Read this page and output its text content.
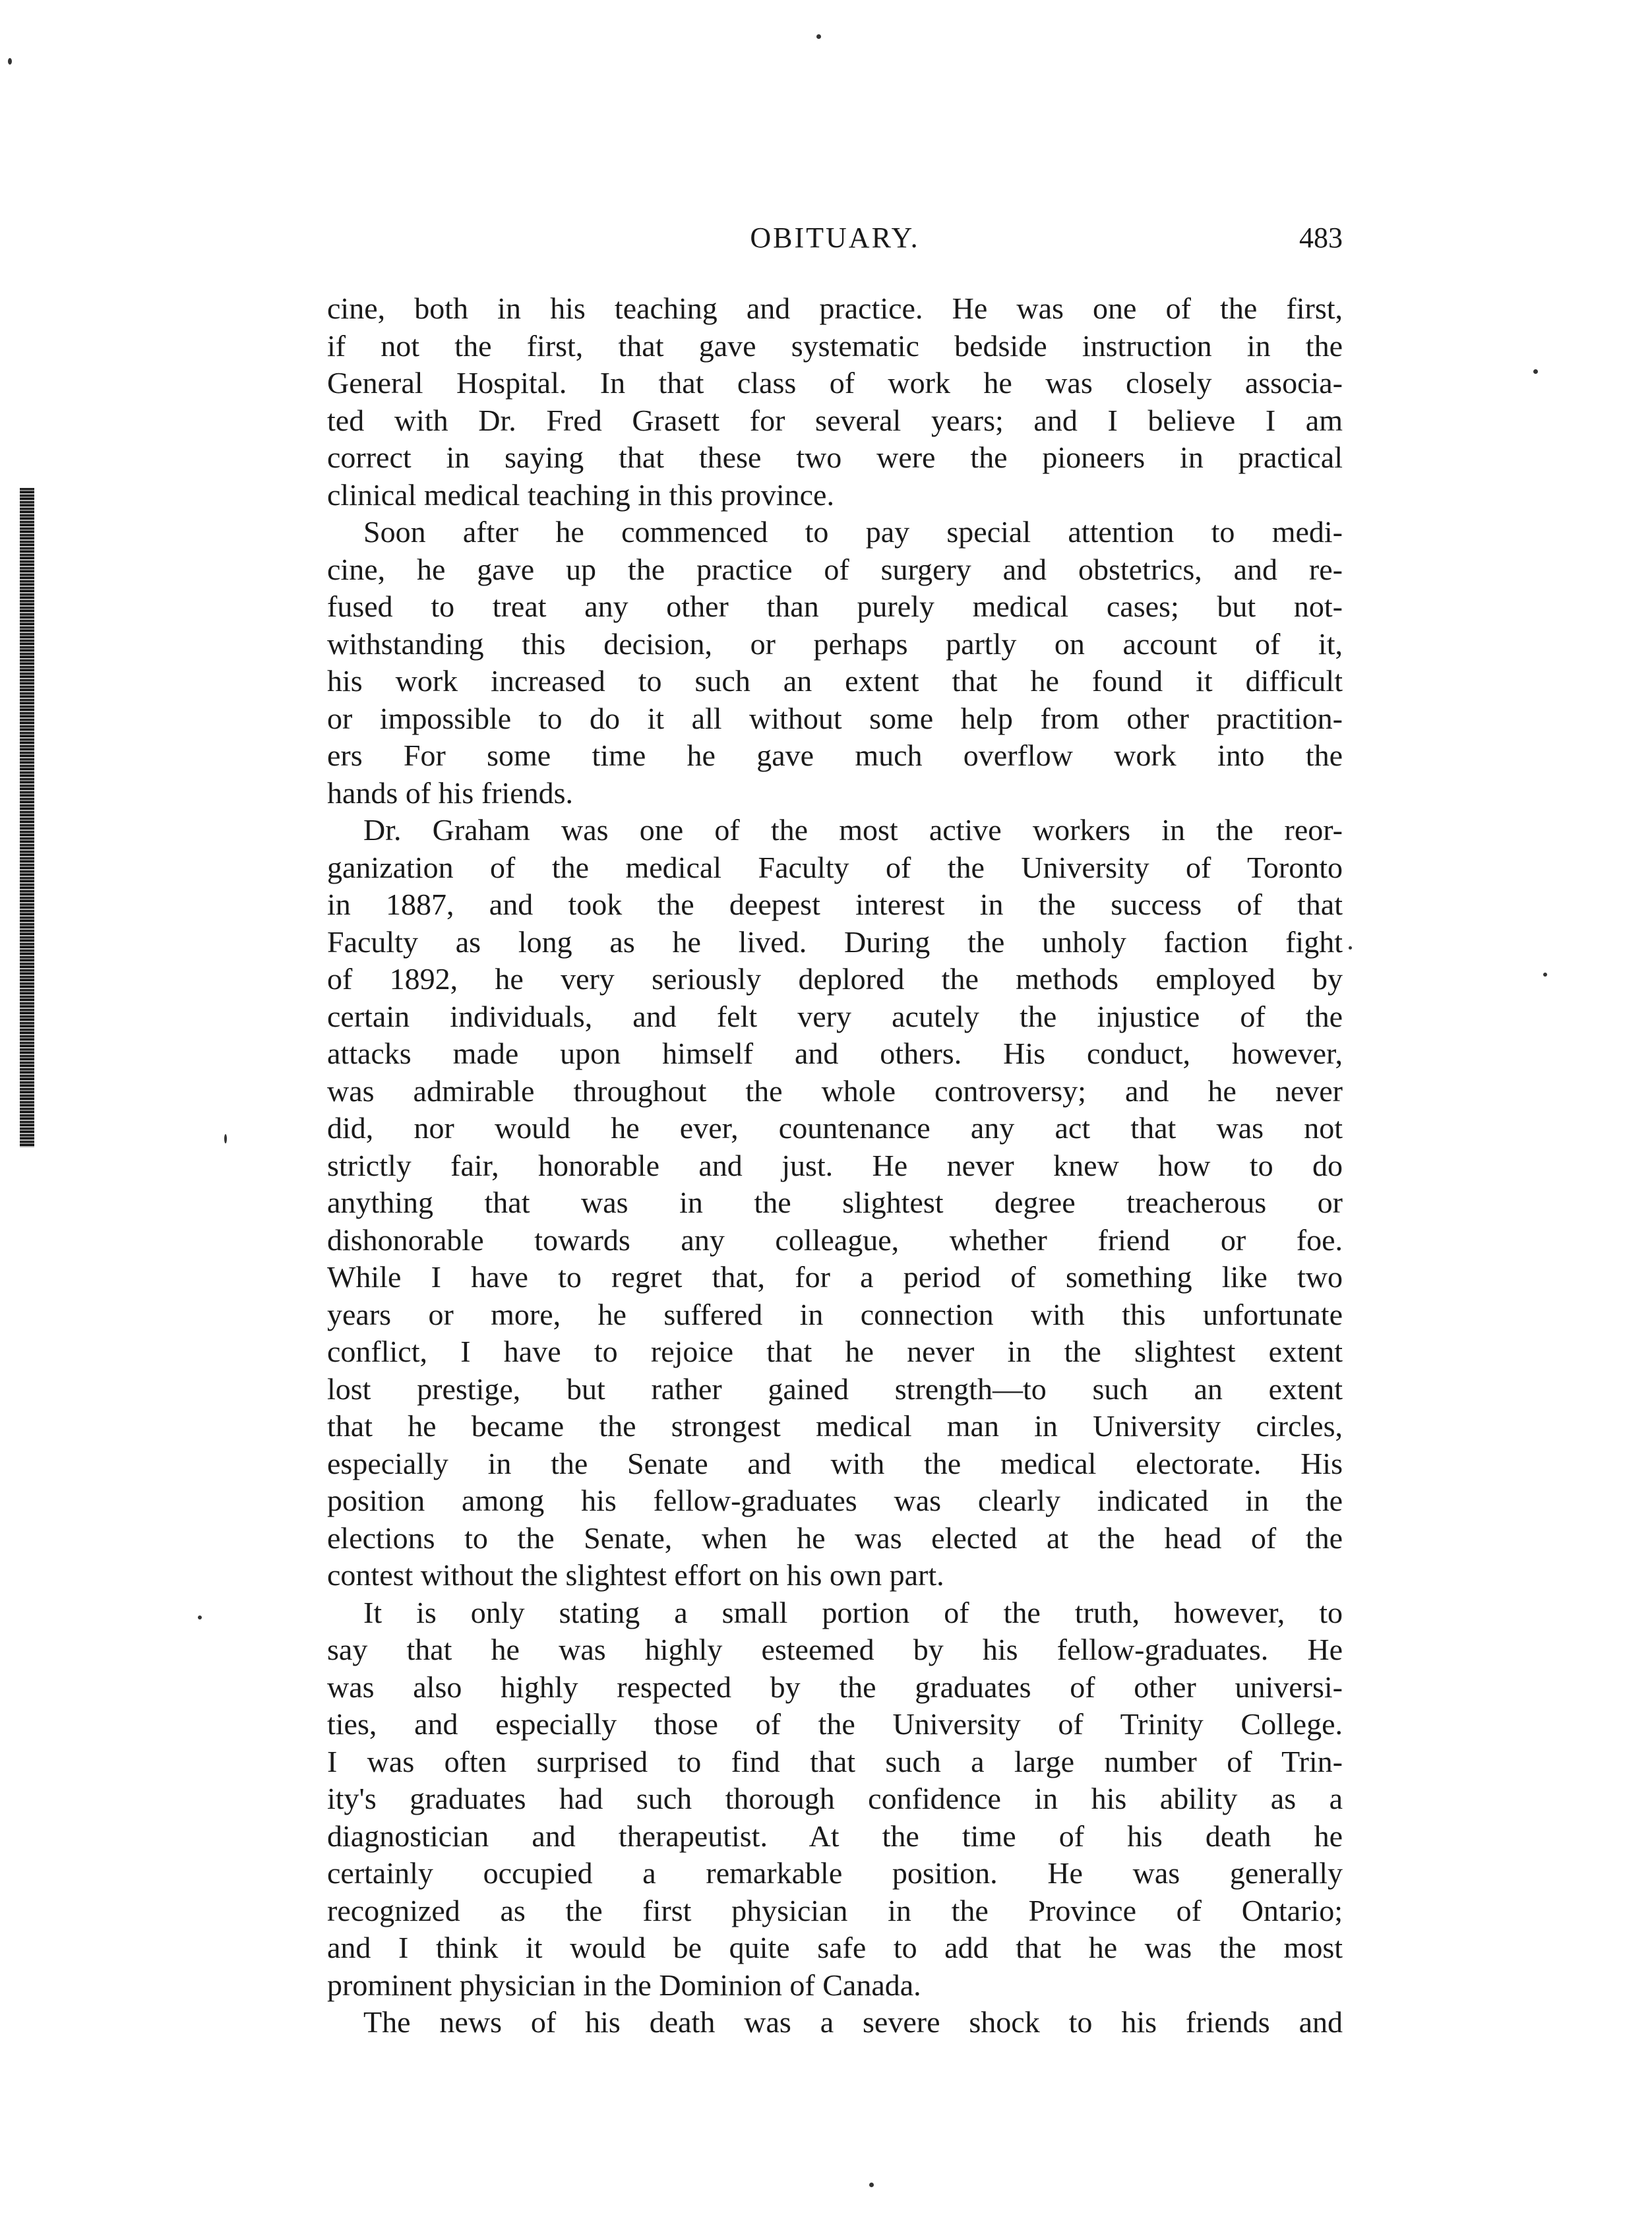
OBITUARY.	483
cine, both in his teaching and practice. He was one of the first,
if not the first, that gave systematic bedside instruction in the
General Hospital. In that class of work he was closely associa-
ted with Dr. Fred Grasett for several years; and I believe I am
correct in saying that these two were the pioneers in practical
clinical medical teaching in this province.
Soon after he commenced to pay special attention to medi-
cine, he gave up the practice of surgery and obstetrics, and re-
fused to treat any other than purely medical cases; but not-
withstanding this decision, or perhaps partly on account of it,
his work increased to such an extent that he found it difficult
or impossible to do it all without some help from other practition-
ers For some time he gave much overflow work into the
hands of his friends.
Dr. Graham was one of the most active workers in the reor-
ganization of the medical Faculty of the University of Toronto
in 1887, and took the deepest interest in the success of that
Faculty as long as he lived. During the unholy faction fight
of 1892, he very seriously deplored the methods employed by
certain individuals, and felt very acutely the injustice of the
attacks made upon himself and others. His conduct, however,
was admirable throughout the whole controversy; and he never
did, nor would he ever, countenance any act that was not
strictly fair, honorable and just. He never knew how to do
anything that was in the slightest degree treacherous or
dishonorable towards any colleague, whether friend or foe.
While I have to regret that, for a period of something like two
years or more, he suffered in connection with this unfortunate
conflict, I have to rejoice that he never in the slightest extent
lost prestige, but rather gained strength—to such an extent
that he became the strongest medical man in University circles,
especially in the Senate and with the medical electorate. His
position among his fellow-graduates was clearly indicated in the
elections to the Senate, when he was elected at the head of the
contest without the slightest effort on his own part.
It is only stating a small portion of the truth, however, to
say that he was highly esteemed by his fellow-graduates. He
was also highly respected by the graduates of other universi-
ties, and especially those of the University of Trinity College.
I was often surprised to find that such a large number of Trin-
ity's graduates had such thorough confidence in his ability as a
diagnostician and therapeutist. At the time of his death he
certainly occupied a remarkable position. He was generally
recognized as the first physician in the Province of Ontario;
and I think it would be quite safe to add that he was the most
prominent physician in the Dominion of Canada.
The news of his death was a severe shock to his friends and
